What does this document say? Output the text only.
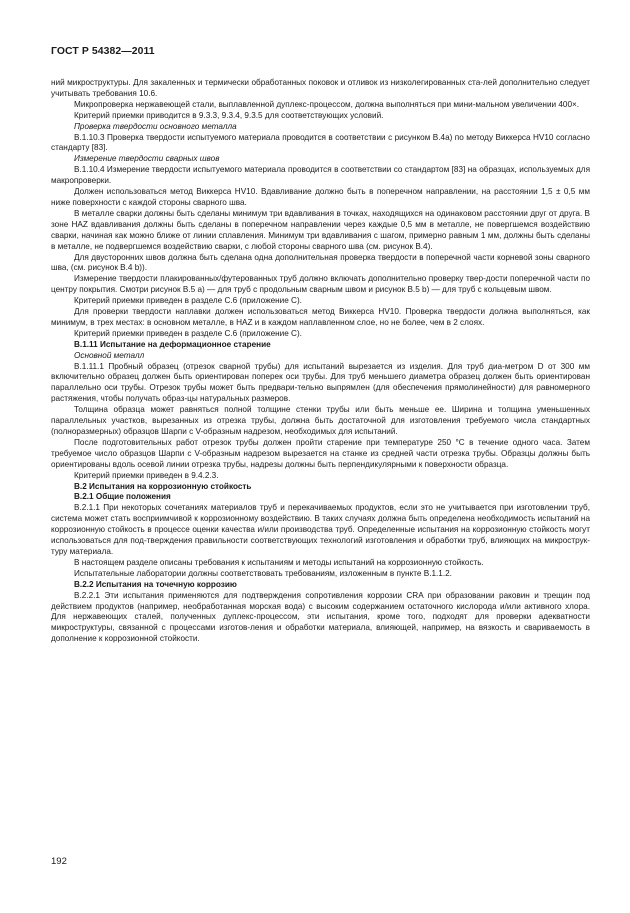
ГОСТ Р 54382—2011

ний микроструктуры. Для закаленных и термически обработанных поковок и отливок из низколегированных ста-лей дополнительно следует учитывать требования 10.6.

Микропроверка нержавеющей стали, выплавленной дуплекс-процессом, должна выполняться при мини-мальном увеличении 400×.

Критерий приемки приводится в 9.3.3, 9.3.4, 9.3.5 для соответствующих условий.

Проверка твердости основного металла

В.1.10.3 Проверка твердости испытуемого материала проводится в соответствии с рисунком В.4а) по методу Виккерса HV10 согласно стандарту [83].

Измерение твердости сварных швов

В.1.10.4 Измерение твердости испытуемого материала проводится в соответствии со стандартом [83] на образцах, используемых для макропроверки.

Должен использоваться метод Виккерса HV10. Вдавливание должно быть в поперечном направлении, на расстоянии 1,5 ± 0,5 мм ниже поверхности с каждой стороны сварного шва.

В металле сварки должны быть сделаны минимум три вдавливания в точках, находящихся на одинаковом расстоянии друг от друга. В зоне HAZ вдавливания должны быть сделаны в поперечном направлении через каждые 0,5 мм в металле, не повергшемся воздействию сварки, начиная как можно ближе от линии сплавления. Минимум три вдавливания с шагом, примерно равным 1 мм, должны быть сделаны в металле, не подвергшемся воздействию сварки, с любой стороны сварного шва (см. рисунок В.4).

Для двусторонних швов должна быть сделана одна дополнительная проверка твердости в поперечной части корневой зоны сварного шва, (см. рисунок В.4 b)).

Измерение твердости плакированных/футерованных труб должно включать дополнительно проверку твер-дости поперечной части по центру покрытия. Смотри рисунок В.5 а) — для труб с продольным сварным швом и рисунок В.5 b) — для труб с кольцевым швом.

Критерий приемки приведен в разделе С.6 (приложение С).

Для проверки твердости наплавки должен использоваться метод Виккерса HV10. Проверка твердости должна выполняться, как минимум, в трех местах: в основном металле, в HAZ и в каждом наплавленном слое, но не более, чем в 2 слоях.

Критерий приемки приведен в разделе С.6 (приложение С).

В.1.11 Испытание на деформационное старение

Основной металл

В.1.11.1 Пробный образец (отрезок сварной трубы) для испытаний вырезается из изделия. Для труб диа-метром D от 300 мм включительно образец должен быть ориентирован поперек оси трубы. Для труб меньшего диаметра образец должен быть ориентирован параллельно оси трубы. Отрезок трубы может быть предвари-тельно выпрямлен (для обеспечения прямолинейности) для равномерного растяжения, чтобы получать образ-цы натуральных размеров.

Толщина образца может равняться полной толщине стенки трубы или быть меньше ее. Ширина и толщина уменьшенных параллельных участков, вырезанных из отрезка трубы, должна быть достаточной для изготовления требуемого числа стандартных (полноразмерных) образцов Шарпи с V-образным надрезом, необходимых для испытаний.

После подготовительных работ отрезок трубы должен пройти старение при температуре 250 °С в течение одного часа. Затем требуемое число образцов Шарпи с V-образным надрезом вырезается на станке из средней части отрезка трубы. Образцы должны быть ориентированы вдоль осевой линии отрезка трубы, надрезы должны быть перпендикулярными к поверхности образца.

Критерий приемки приведен в 9.4.2.3.

В.2 Испытания на коррозионную стойкость

В.2.1 Общие положения

В.2.1.1 При некоторых сочетаниях материалов труб и перекачиваемых продуктов, если это не учитывается при изготовлении труб, система может стать восприимчивой к коррозионному воздействию. В таких случаях должна быть определена необходимость испытаний на коррозионную стойкость в процессе оценки качества и/или производства труб. Определенные испытания на коррозионную стойкость могут использоваться для под-тверждения правильности соответствующих технологий изготовления и обработки труб, влияющих на микрострук-туру материала.

В настоящем разделе описаны требования к испытаниям и методы испытаний на коррозионную стойкость.

Испытательные лаборатории должны соответствовать требованиям, изложенным в пункте В.1.1.2.

В.2.2 Испытания на точечную коррозию

В.2.2.1 Эти испытания применяются для подтверждения сопротивления коррозии CRA при образовании раковин и трещин под действием продуктов (например, необработанная морская вода) с высоким содержанием остаточного кислорода и/или активного хлора. Для нержавеющих сталей, полученных дуплекс-процессом, эти испытания, кроме того, подходят для проверки адекватности микроструктуры, связанной с процессами изготов-ления и обработки материала, влияющей, например, на вязкость и свариваемость в дополнение к коррозионной стойкости.

192
